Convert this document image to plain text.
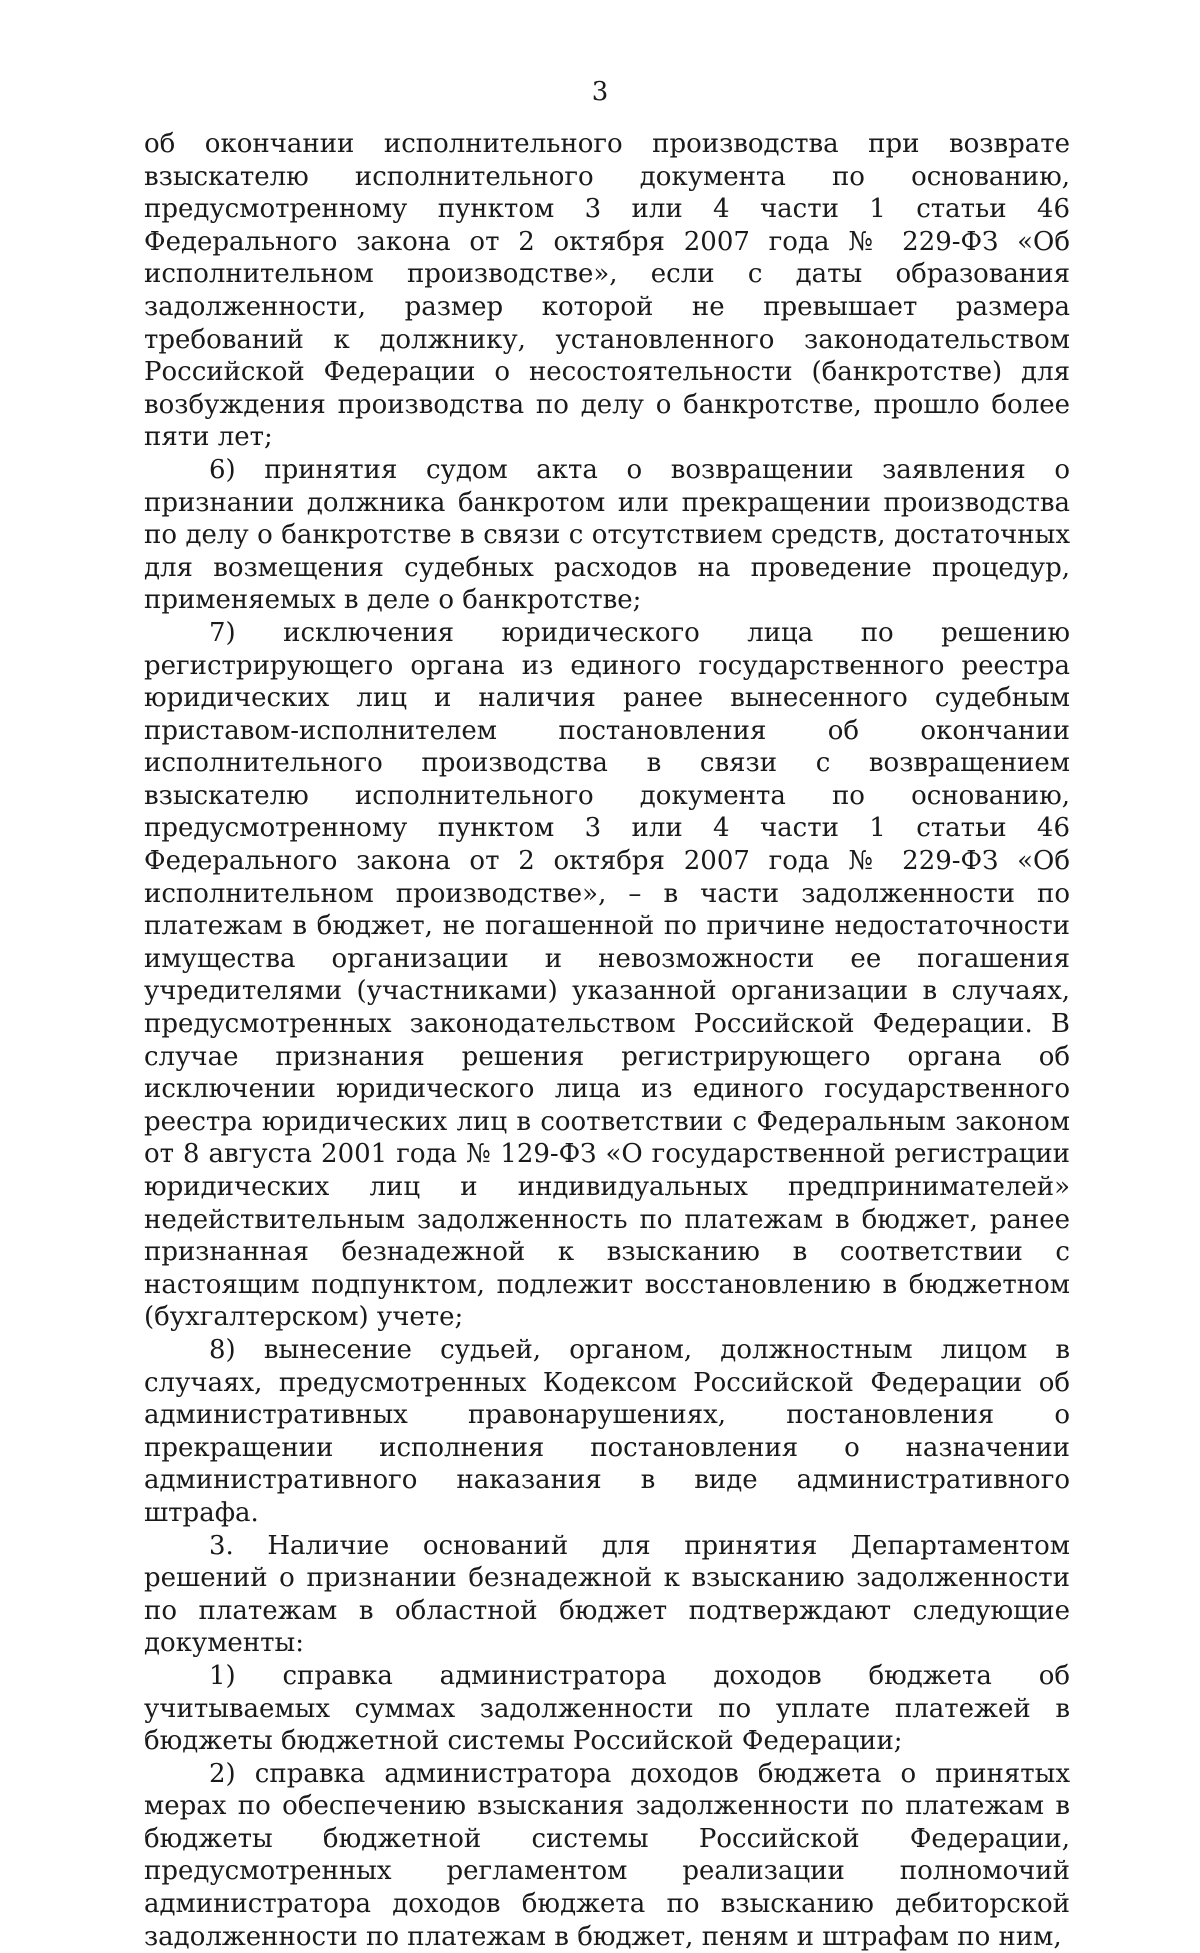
3

об окончании исполнительного производства при возврате взыскателю исполнительного документа по основанию, предусмотренному пунктом 3 или 4 части 1 статьи 46 Федерального закона от 2 октября 2007 года № 229-ФЗ «Об исполнительном производстве», если с даты образования задолженности, размер которой не превышает размера требований к должнику, установленного законодательством Российской Федерации о несостоятельности (банкротстве) для возбуждения производства по делу о банкротстве, прошло более пяти лет;

6) принятия судом акта о возвращении заявления о признании должника банкротом или прекращении производства по делу о банкротстве в связи с отсутствием средств, достаточных для возмещения судебных расходов на проведение процедур, применяемых в деле о банкротстве;

7) исключения юридического лица по решению регистрирующего органа из единого государственного реестра юридических лиц и наличия ранее вынесенного судебным приставом-исполнителем постановления об окончании исполнительного производства в связи с возвращением взыскателю исполнительного документа по основанию, предусмотренному пунктом 3 или 4 части 1 статьи 46 Федерального закона от 2 октября 2007 года № 229-ФЗ «Об исполнительном производстве», – в части задолженности по платежам в бюджет, не погашенной по причине недостаточности имущества организации и невозможности ее погашения учредителями (участниками) указанной организации в случаях, предусмотренных законодательством Российской Федерации. В случае признания решения регистрирующего органа об исключении юридического лица из единого государственного реестра юридических лиц в соответствии с Федеральным законом от 8 августа 2001 года № 129-ФЗ «О государственной регистрации юридических лиц и индивидуальных предпринимателей» недействительным задолженность по платежам в бюджет, ранее признанная безнадежной к взысканию в соответствии с настоящим подпунктом, подлежит восстановлению в бюджетном (бухгалтерском) учете;

8) вынесение судьей, органом, должностным лицом в случаях, предусмотренных Кодексом Российской Федерации об административных правонарушениях, постановления о прекращении исполнения постановления о назначении административного наказания в виде административного штрафа.

3. Наличие оснований для принятия Департаментом решений о признании безнадежной к взысканию задолженности по платежам в областной бюджет подтверждают следующие документы:

1) справка администратора доходов бюджета об учитываемых суммах задолженности по уплате платежей в бюджеты бюджетной системы Российской Федерации;

2) справка администратора доходов бюджета о принятых мерах по обеспечению взыскания задолженности по платежам в бюджеты бюджетной системы Российской Федерации, предусмотренных регламентом реализации полномочий администратора доходов бюджета по взысканию дебиторской задолженности по платежам в бюджет, пеням и штрафам по ним,
